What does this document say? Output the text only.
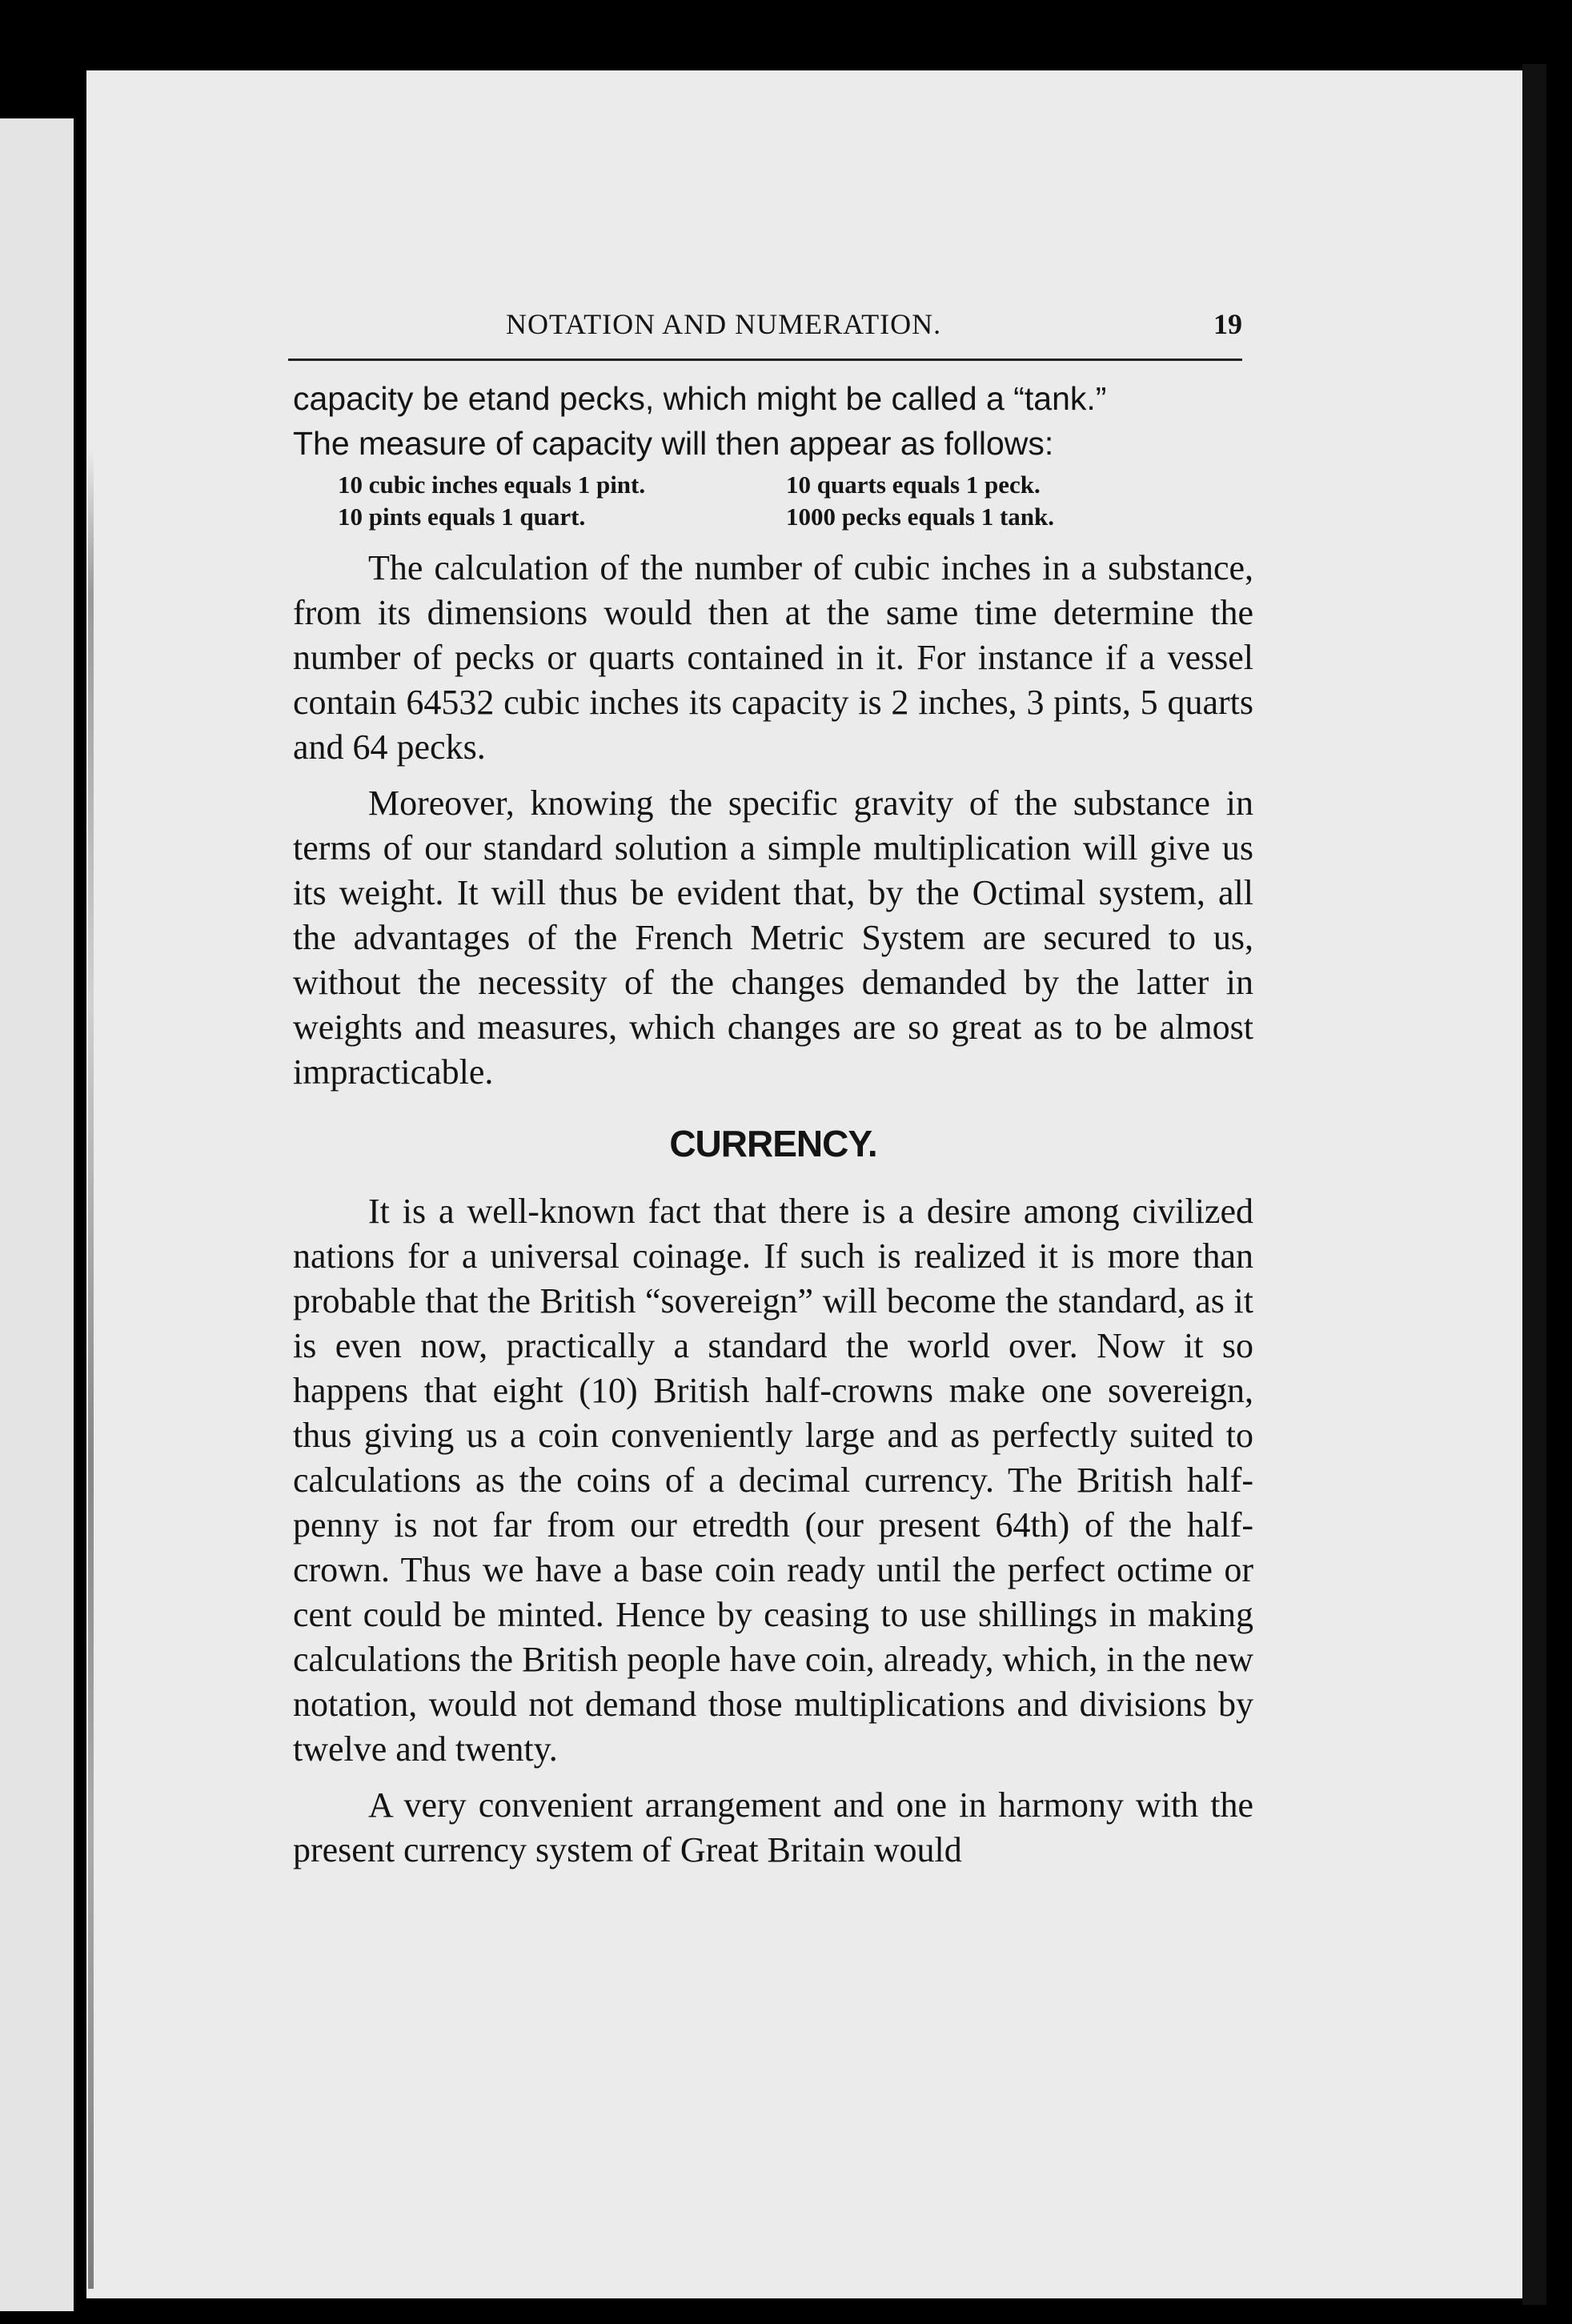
NOTATION AND NUMERATION.	19

capacity be etand pecks, which might be called a “tank.”

The measure of capacity will then appear as follows:

10 cubic inches equals 1 pint.	10 quarts equals 1 peck.
10 pints equals 1 quart.	1000 pecks equals 1 tank.

The calculation of the number of cubic inches in a substance, from its dimensions would then at the same time determine the number of pecks or quarts contained in it. For instance if a vessel contain 64532 cubic inches its capacity is 2 inches, 3 pints, 5 quarts and 64 pecks.

Moreover, knowing the specific gravity of the substance in terms of our standard solution a simple multiplication will give us its weight. It will thus be evident that, by the Octimal system, all the advantages of the French Metric System are secured to us, without the necessity of the changes demanded by the latter in weights and measures, which changes are so great as to be almost impracticable.

CURRENCY.

It is a well-known fact that there is a desire among civilized nations for a universal coinage. If such is realized it is more than probable that the British “sovereign” will become the standard, as it is even now, practically a standard the world over. Now it so happens that eight (10) British half-crowns make one sovereign, thus giving us a coin conveniently large and as perfectly suited to calculations as the coins of a decimal currency. The British half-penny is not far from our etredth (our present 64th) of the half-crown. Thus we have a base coin ready until the perfect octime or cent could be minted. Hence by ceasing to use shillings in making calculations the British people have coin, already, which, in the new notation, would not demand those multiplications and divisions by twelve and twenty.

A very convenient arrangement and one in harmony with the present currency system of Great Britain would
